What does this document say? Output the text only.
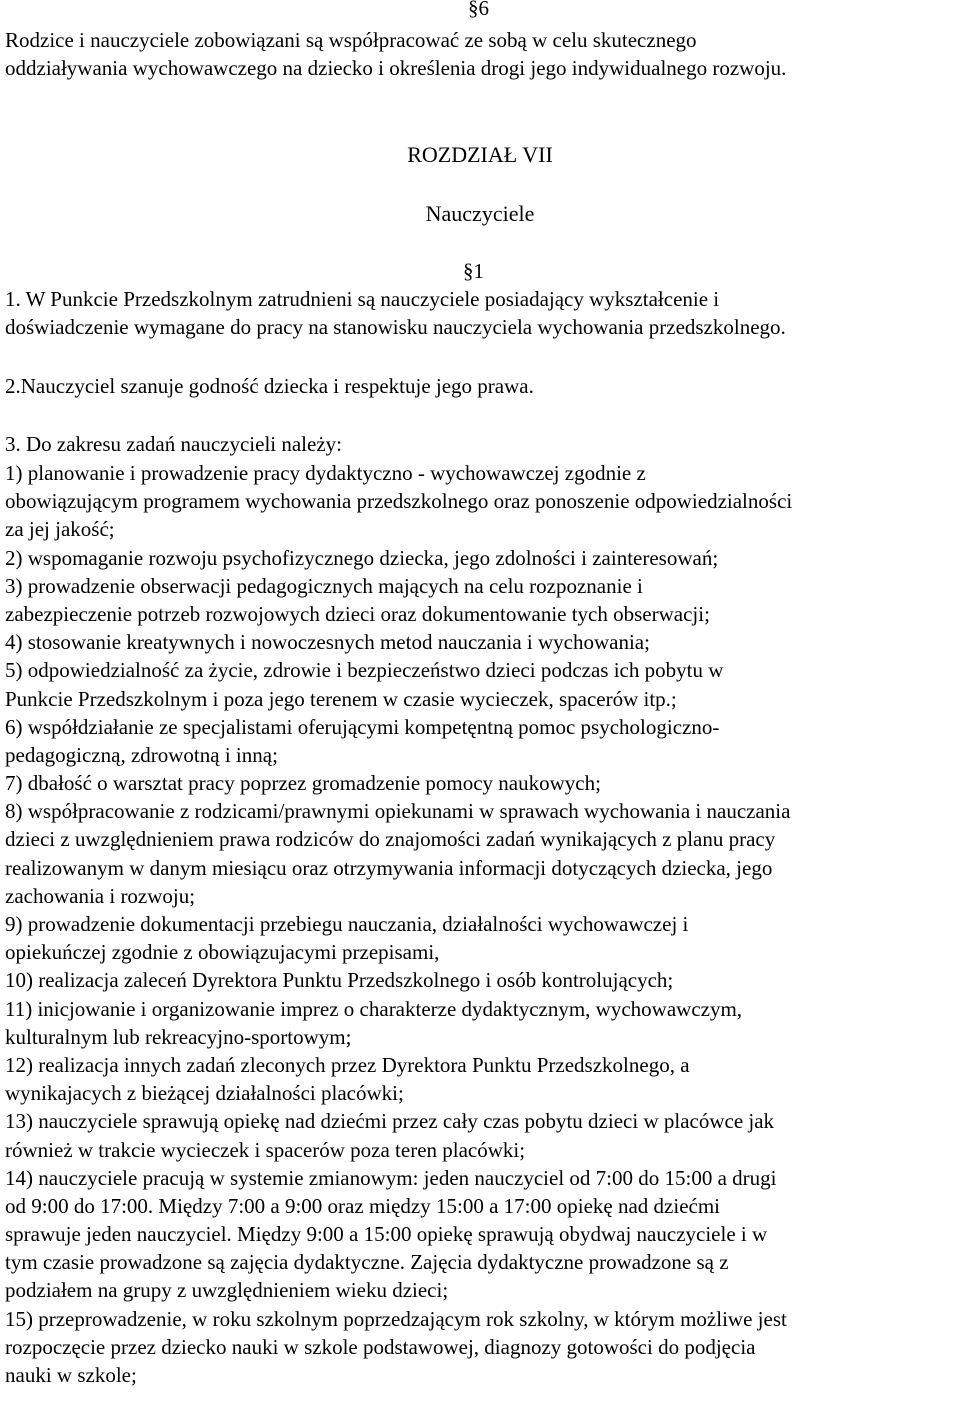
§6
Rodzice i nauczyciele zobowiązani są współpracować ze sobą w celu skutecznego
oddziaływania wychowawczego na dziecko i określenia drogi jego indywidualnego rozwoju.
ROZDZIAŁ VII
Nauczyciele
§1
1. W Punkcie Przedszkolnym zatrudnieni są nauczyciele posiadający wykształcenie i
doświadczenie wymagane do pracy na stanowisku nauczyciela wychowania przedszkolnego.
2.Nauczyciel szanuje godność dziecka i respektuje jego prawa.
3. Do zakresu zadań nauczycieli należy:
1) planowanie i prowadzenie pracy dydaktyczno - wychowawczej zgodnie z
obowiązującym programem wychowania przedszkolnego oraz ponoszenie odpowiedzialności
za jej jakość;
2) wspomaganie rozwoju psychofizycznego dziecka, jego zdolności i zainteresowań;
3) prowadzenie obserwacji pedagogicznych mających na celu rozpoznanie i
zabezpieczenie potrzeb rozwojowych dzieci oraz dokumentowanie tych obserwacji;
4) stosowanie kreatywnych i nowoczesnych metod nauczania i wychowania;
5) odpowiedzialność za życie, zdrowie i bezpieczeństwo dzieci podczas ich pobytu w
Punkcie Przedszkolnym i poza jego terenem w czasie wycieczek, spacerów itp.;
6) współdziałanie ze specjalistami oferującymi kompetęntną pomoc psychologiczno-
pedagogiczną, zdrowotną i inną;
7) dbałość o warsztat pracy poprzez gromadzenie pomocy naukowych;
8) współpracowanie z rodzicami/prawnymi opiekunami w sprawach wychowania i nauczania
dzieci z uwzględnieniem prawa rodziców do znajomości zadań wynikających z planu pracy
realizowanym w danym miesiącu oraz otrzymywania informacji dotyczących dziecka, jego
zachowania i rozwoju;
9) prowadzenie dokumentacji przebiegu nauczania, działalności wychowawczej i
opiekuńczej zgodnie z obowiązujacymi przepisami,
10) realizacja zaleceń Dyrektora Punktu Przedszkolnego i osób kontrolujących;
11) inicjowanie i organizowanie imprez o charakterze dydaktycznym, wychowawczym,
kulturalnym lub rekreacyjno-sportowym;
12) realizacja innych zadań zleconych przez Dyrektora Punktu Przedszkolnego, a
wynikajacych z bieżącej działalności placówki;
13) nauczyciele sprawują opiekę nad dziećmi przez cały czas pobytu dzieci w placówce jak
również w trakcie wycieczek i spacerów poza teren placówki;
14) nauczyciele pracują w systemie zmianowym: jeden nauczyciel od 7:00 do 15:00 a drugi
od 9:00 do 17:00. Między 7:00 a 9:00 oraz między 15:00 a 17:00 opiekę nad dziećmi
sprawuje jeden nauczyciel. Między 9:00 a 15:00 opiekę sprawują obydwaj nauczyciele i w
tym czasie prowadzone są zajęcia dydaktyczne. Zajęcia dydaktyczne prowadzone są z
podziałem na grupy z uwzględnieniem wieku dzieci;
15) przeprowadzenie, w roku szkolnym poprzedzającym rok szkolny, w którym możliwe jest
rozpoczęcie przez dziecko nauki w szkole podstawowej, diagnozy gotowości do podjęcia
nauki w szkole;
